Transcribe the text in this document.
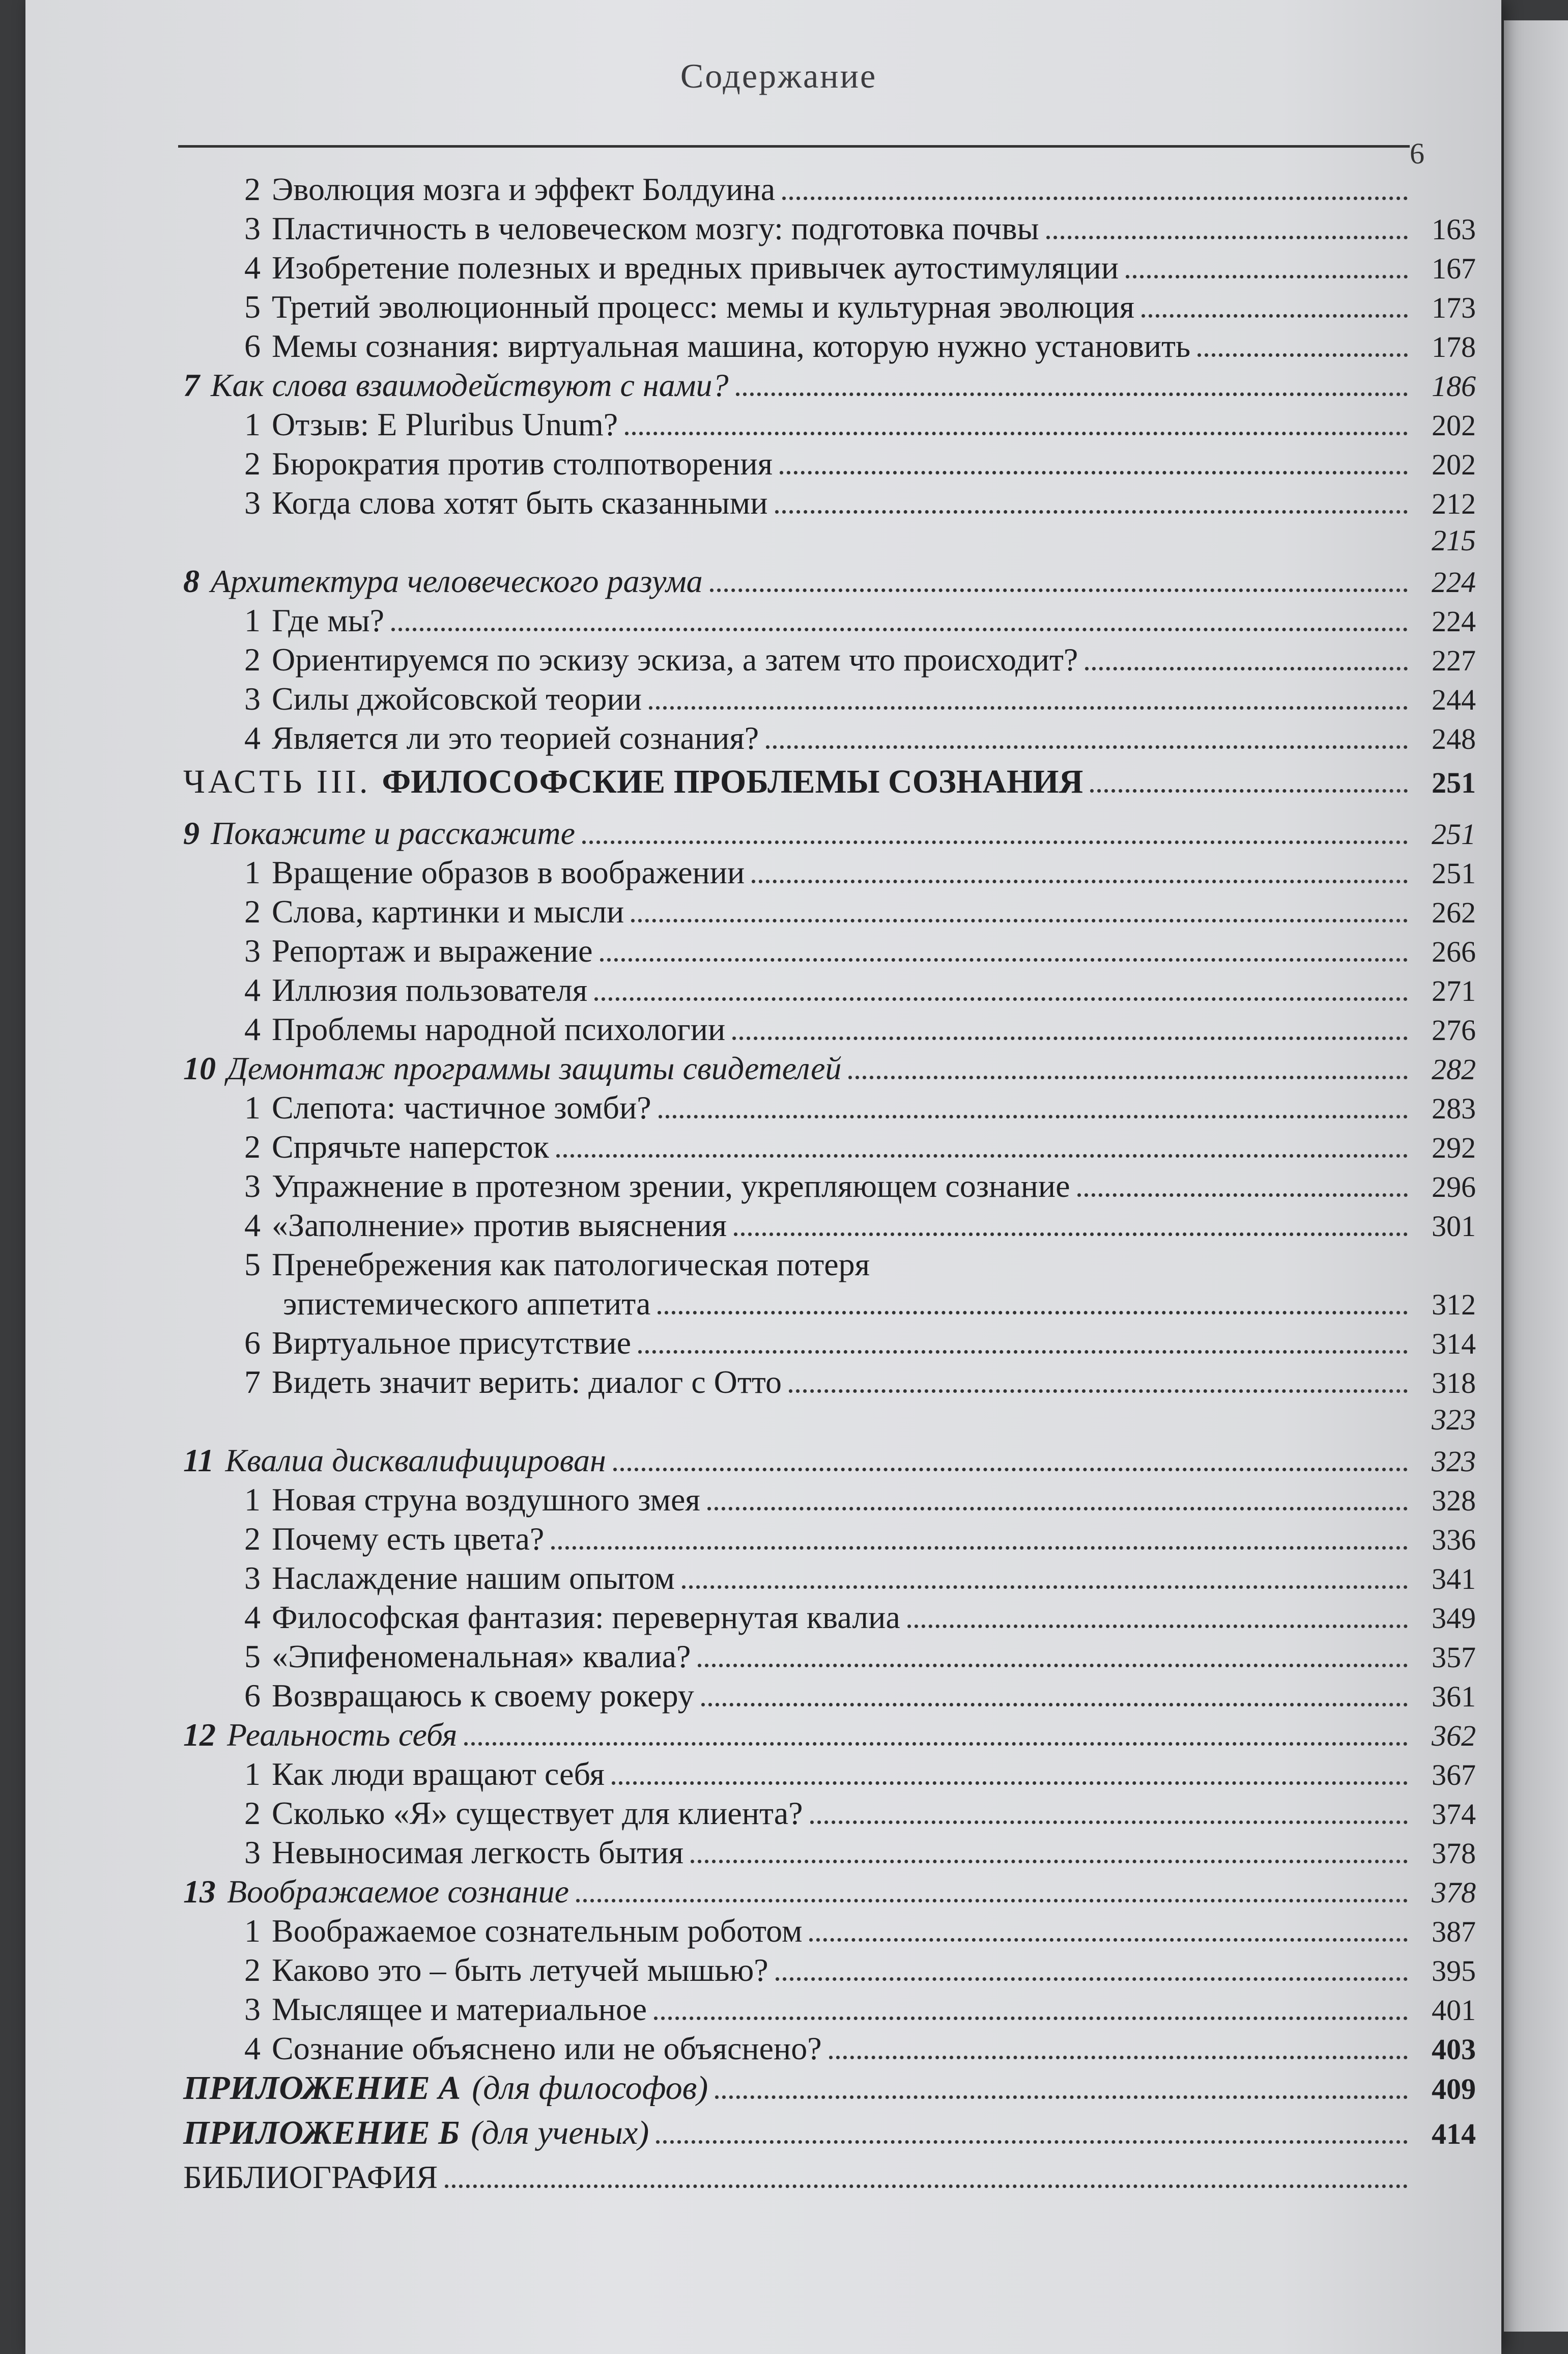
Содержание
6
2 Эволюция мозга и эффект Болдуина
3 Пластичность в человеческом мозгу: подготовка почвы	163
4 Изобретение полезных и вредных привычек аутостимуляции	167
5 Третий эволюционный процесс: мемы и культурная эволюция	173
6 Мемы сознания: виртуальная машина, которую нужно установить	178
7 Как слова взаимодействуют с нами?	186
1 Отзыв: E Pluribus Unum?	202
2 Бюрократия против столпотворения	202
3 Когда слова хотят быть сказанными	212
215
8 Архитектура человеческого разума	224
1 Где мы?	224
2 Ориентируемся по эскизу эскиза, а затем что происходит?	227
3 Силы джойсовской теории	244
4 Является ли это теорией сознания?	248
ЧАСТЬ III. ФИЛОСОФСКИЕ ПРОБЛЕМЫ СОЗНАНИЯ	251
9 Покажите и расскажите	251
1 Вращение образов в воображении	251
2 Слова, картинки и мысли	262
3 Репортаж и выражение	266
4 Иллюзия пользователя	271
4 Проблемы народной психологии	276
10 Демонтаж программы защиты свидетелей	282
1 Слепота: частичное зомби?	283
2 Спрячьте наперсток	292
3 Упражнение в протезном зрении, укрепляющем сознание	296
4 «Заполнение» против выяснения	301
5 Пренебрежения как патологическая потеря
эпистемического аппетита	312
6 Виртуальное присутствие	314
7 Видеть значит верить: диалог с Отто	318
323
11 Квалиа дисквалифицирован	323
1 Новая струна воздушного змея	328
2 Почему есть цвета?	336
3 Наслаждение нашим опытом	341
4 Философская фантазия: перевернутая квалиа	349
5 «Эпифеноменальная» квалиа?	357
6 Возвращаюсь к своему рокеру	361
12 Реальность себя	362
1 Как люди вращают себя	367
2 Сколько «Я» существует для клиента?	374
3 Невыносимая легкость бытия	378
13 Воображаемое сознание	378
1 Воображаемое сознательным роботом	387
2 Каково это – быть летучей мышью?	395
3 Мыслящее и материальное	401
4 Сознание объяснено или не объяснено?	403
ПРИЛОЖЕНИЕ А (для философов)	409
ПРИЛОЖЕНИЕ Б (для ученых)	414
БИБЛИОГРАФИЯ
